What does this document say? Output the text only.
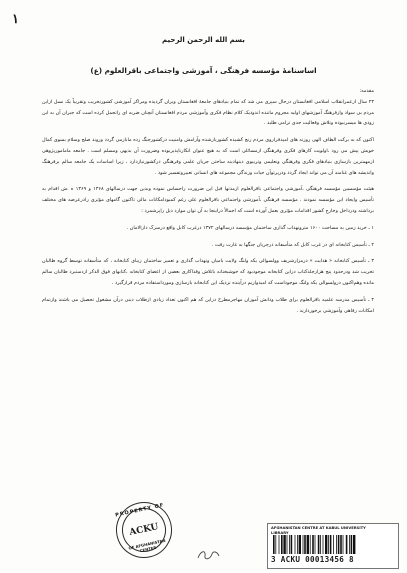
۱
بسم الله الرحمن الرحیم
اساسنامهٔ مؤسسه فرهنگی ، آموزشی واجتماعی باقرالعلوم (ع)

مقدمه:

۲۳ سال ازعمرانقلاب اسلامی افغانستان درحال سپری می شد که تمام بنیادهای جامعهٔ افغانستان ویران گردیده ومراکز آموزشی کشورتخریب وتقریباً یک نسل ازاین مردم بی سواد وازفرهنگ آموزشهای اولیه محروم ماننده اندودیک کلام نظام فکری وآموزشی مردم افغانستان آنچنان ضربه ای راتحمل کرده است که جبران آن به این زودی ها میسرنبوده وتلاش وفعالیت جدی ترامی طلبد .

اکنون که به برکت الطاف الهی روزنه های امیدفراروی مردم رنج کشیده کشوربازشده وآرامش وامنیت درکشورجنگ زده مابازمی گردد وروند صلح وسلام بسوی کمال خویش پیش می رود ،اولویت کارهای فکری وفرهنگی ازمسائلی است که به هیچ عنوان انکارناپذیربوده وضرورت آن بدیهی ومسلم است . جامعه مامامورپژوهی ازمهمترین بازسازی بنیادهای فکری وفرهنگی ونعلیمی وتربیوی دینهادینه ساختن جریان علمی وفرهنگی درکشورنیازدارد ، زیرا اساسات یک جامعه سالم برفرهنگ واندیشه های غنامند آن می تواند ایجاد گردد ودرپرتوآن حیات وزندگی مجموعه های انسانی تعبیروتفسیر شود .

هیئت مؤسسین مؤسسه فرهنگی ،آموزشی واجتماعی باقرالعلوم ازمدتها قبل این ضرورت راحساس نموده وبدین جهت درسالهای ۱۳۶۸ و ۱۳۶۹ ه .ش اقدام به تأسیس وایجاد این مؤسسه نمودند . مؤسسه فرهنگی ،آموزشی واجتماعی باقرالعلوم علی رغم کمبودامکانات مالی تاکنون گامهای مؤثری رادرعرصه های مختلف برداشته ودرداخل وخارج کشور اقدامات مؤثری بعمل آورده است که اجمالاً دراینجا به آن توان موارد ذیل راپرشمرد :

۱ ـ خرید زمین به مساحت ۱۶۰۰ مترونهداب گذاری ساختمان مؤسسه درسالهای ۱۳۷۲ درغرب کابل واقع درسرک دارالامان .

۲ ـ تأسیس کتابخانه ای در غرب کابل که متأسفانه درجریان جنگها به غارت رفت .

۳ ـ تأسیس کتابخانه « هدایت » درمزارشریف وولسوالی یکه ولنگ ولایت بامیان وتهداب گذاری و تعمیر ساختمان زیبای کتابخانه ، که متأسفانه توسط گروه طالبان تخریب شد ودرحدود پنج هزارجلدکتاب دراین کتابخانه موجودبود که خوشبختانه باتلاش وفداکاری بعضی از اعضای کتابخانه ،کتابهای فوق الذکر ازدستبرد طالبان سالم مانده وهم‌اکنون درولسوالی یکه ولنگ موجوداست که امیدواریم درآینده نزدیک این کتابخانه بازسازی ومورداستفاده مردم قرارگیرد .

۴ ـ تأسیس مدرسه علمیه باقرالعلوم برای طلاب ودانش آموزان مهاجرمطرح دراین که هم اکنون تعداد زیادی ازطلاب دینی درآن مشغول تحصیل می باشند وازتمام امکانات رفاهی وآموزشی برخوردارند .

PROPERTY OF
ACKU
OF AFGHANISTAN CENTER
AFGHANISTAN CENTRE AT KABUL UNIVERSITY
LIBRARY
3 ACKU 00013456 8
